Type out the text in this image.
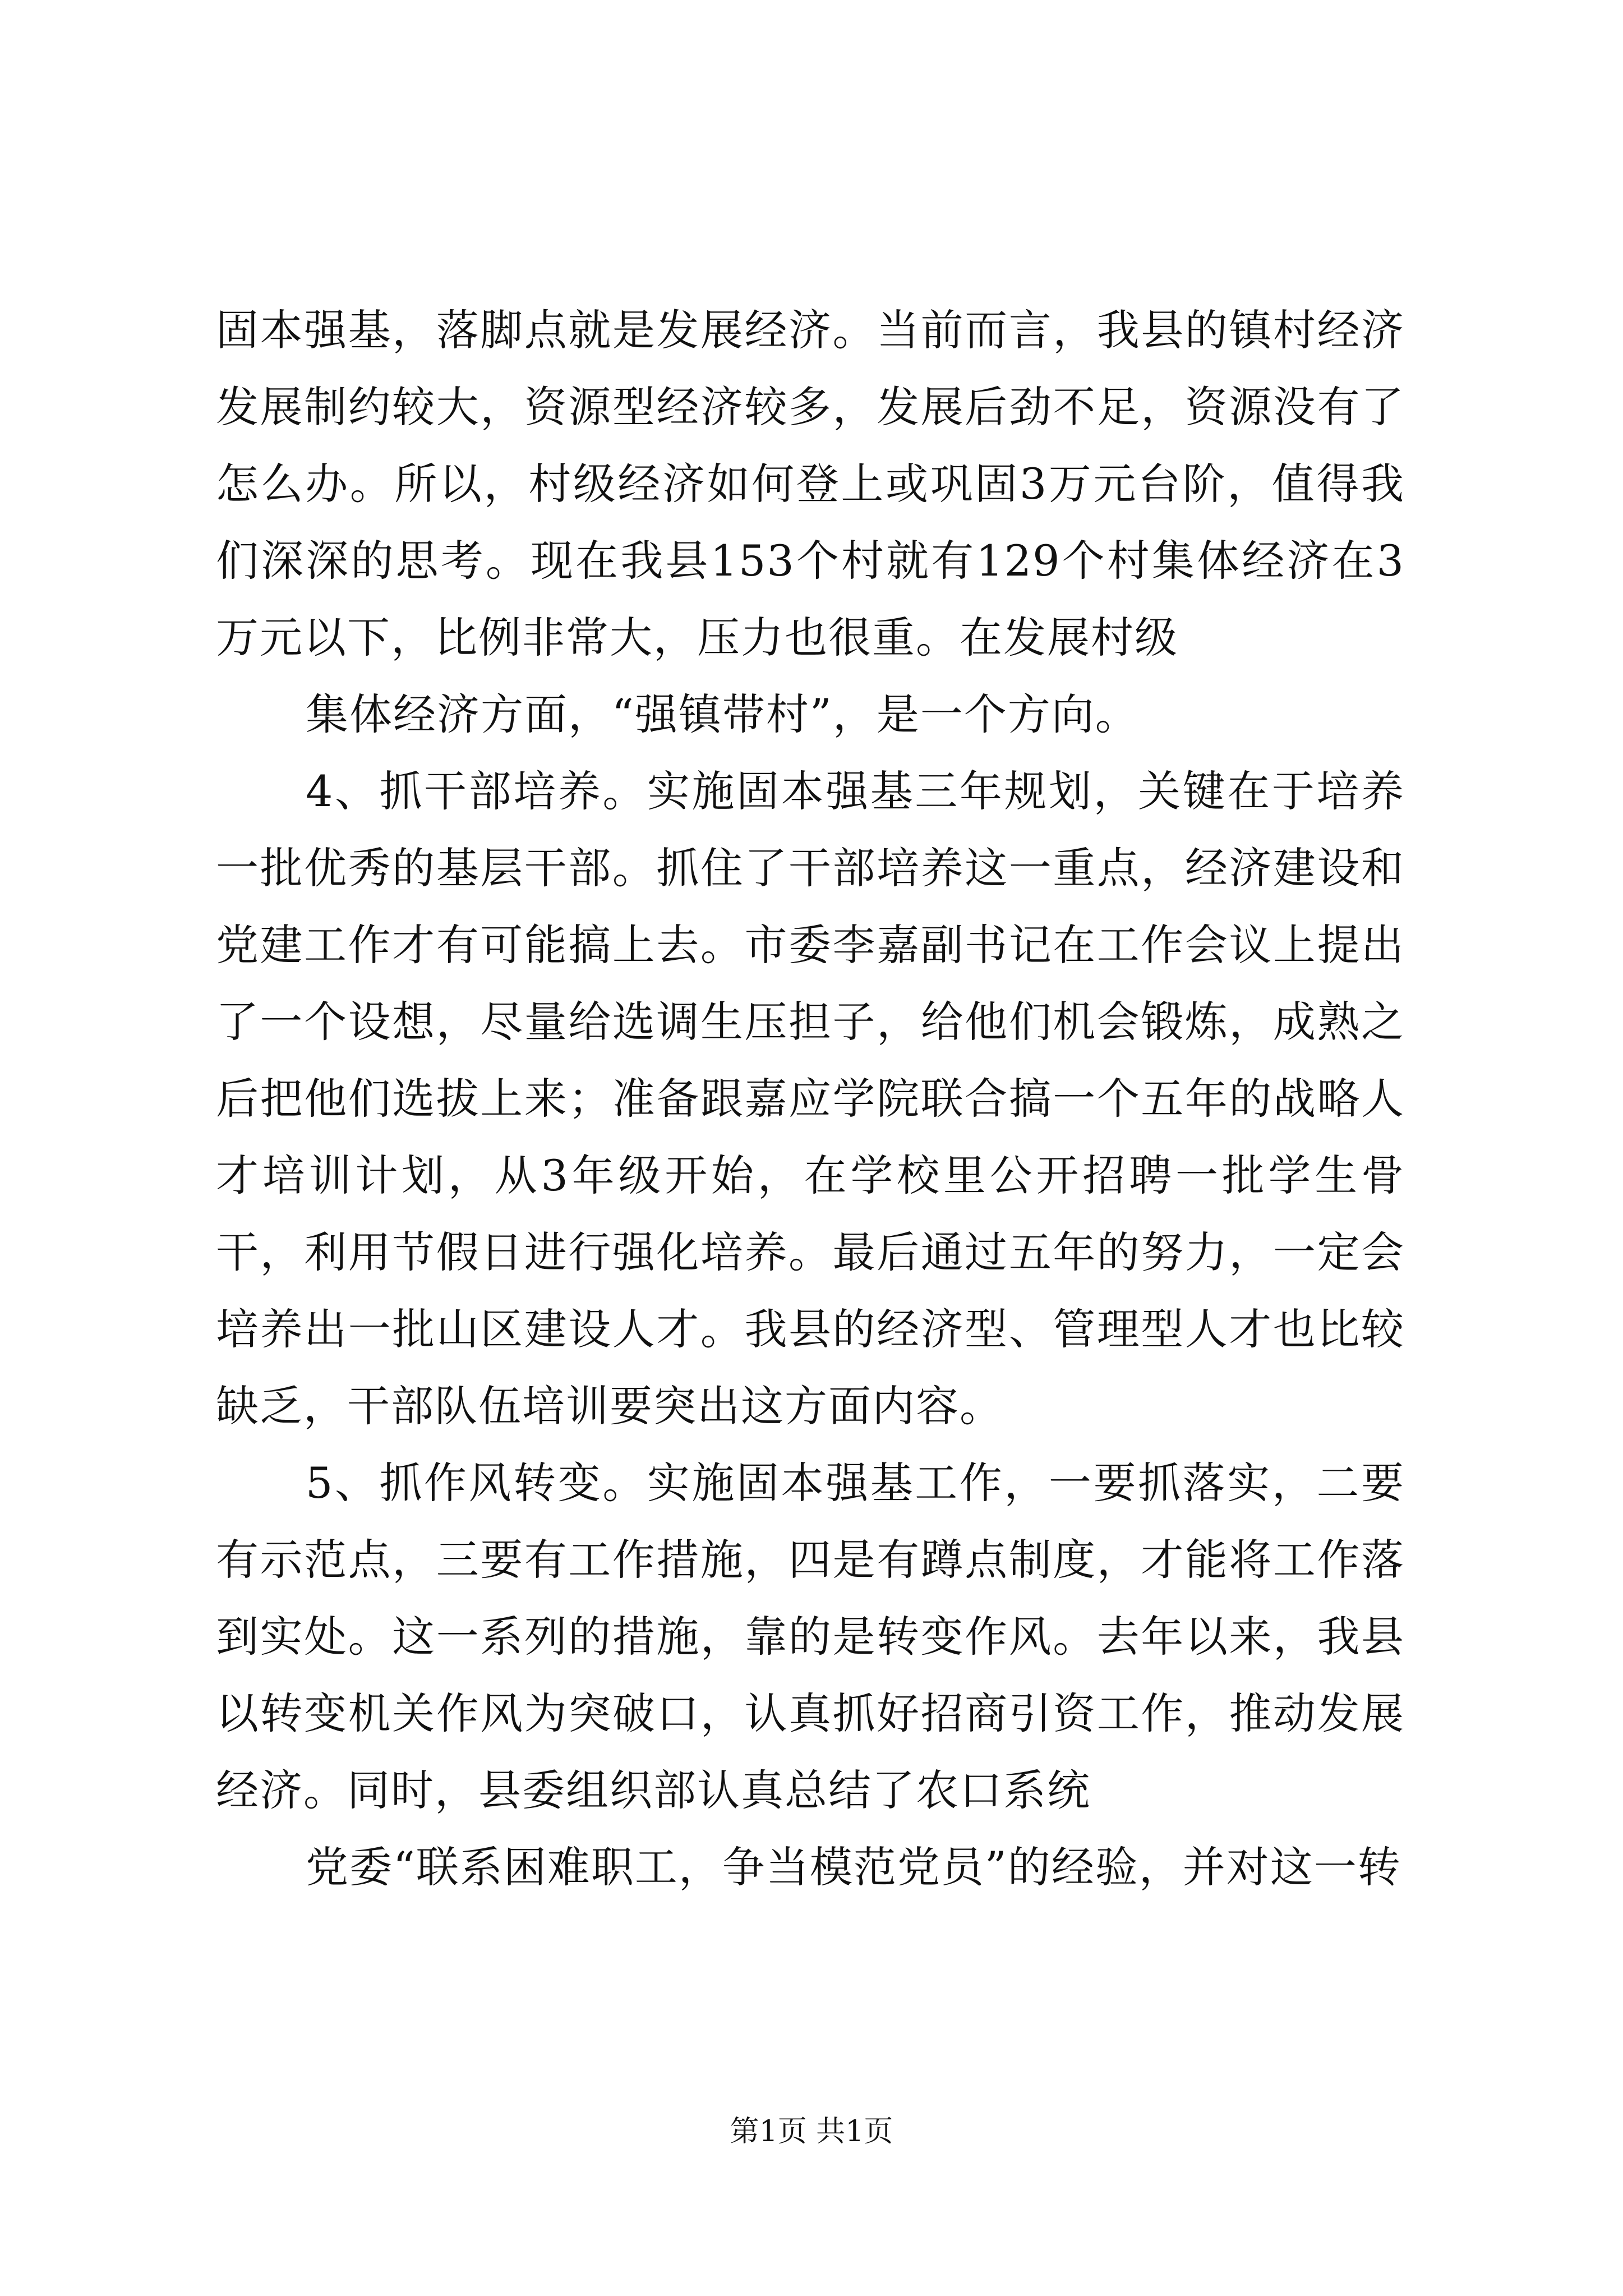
固本强基，落脚点就是发展经济。当前而言，我县的镇村经济发展制约较大，资源型经济较多，发展后劲不足，资源没有了怎么办。所以，村级经济如何登上或巩固3万元台阶，值得我们深深的思考。现在我县153个村就有129个村集体经济在3万元以下，比例非常大，压力也很重。在发展村级

集体经济方面，“强镇带村”，是一个方向。

4、抓干部培养。实施固本强基三年规划，关键在于培养一批优秀的基层干部。抓住了干部培养这一重点，经济建设和党建工作才有可能搞上去。市委李嘉副书记在工作会议上提出了一个设想，尽量给选调生压担子，给他们机会锻炼，成熟之后把他们选拔上来；准备跟嘉应学院联合搞一个五年的战略人才培训计划，从3年级开始，在学校里公开招聘一批学生骨干，利用节假日进行强化培养。最后通过五年的努力，一定会培养出一批山区建设人才。我县的经济型、管理型人才也比较缺乏，干部队伍培训要突出这方面内容。

5、抓作风转变。实施固本强基工作，一要抓落实，二要有示范点，三要有工作措施，四是有蹲点制度，才能将工作落到实处。这一系列的措施，靠的是转变作风。去年以来，我县以转变机关作风为突破口，认真抓好招商引资工作，推动发展经济。同时，县委组织部认真总结了农口系统

党委“联系困难职工，争当模范党员”的经验，并对这一转

第1页 共1页
